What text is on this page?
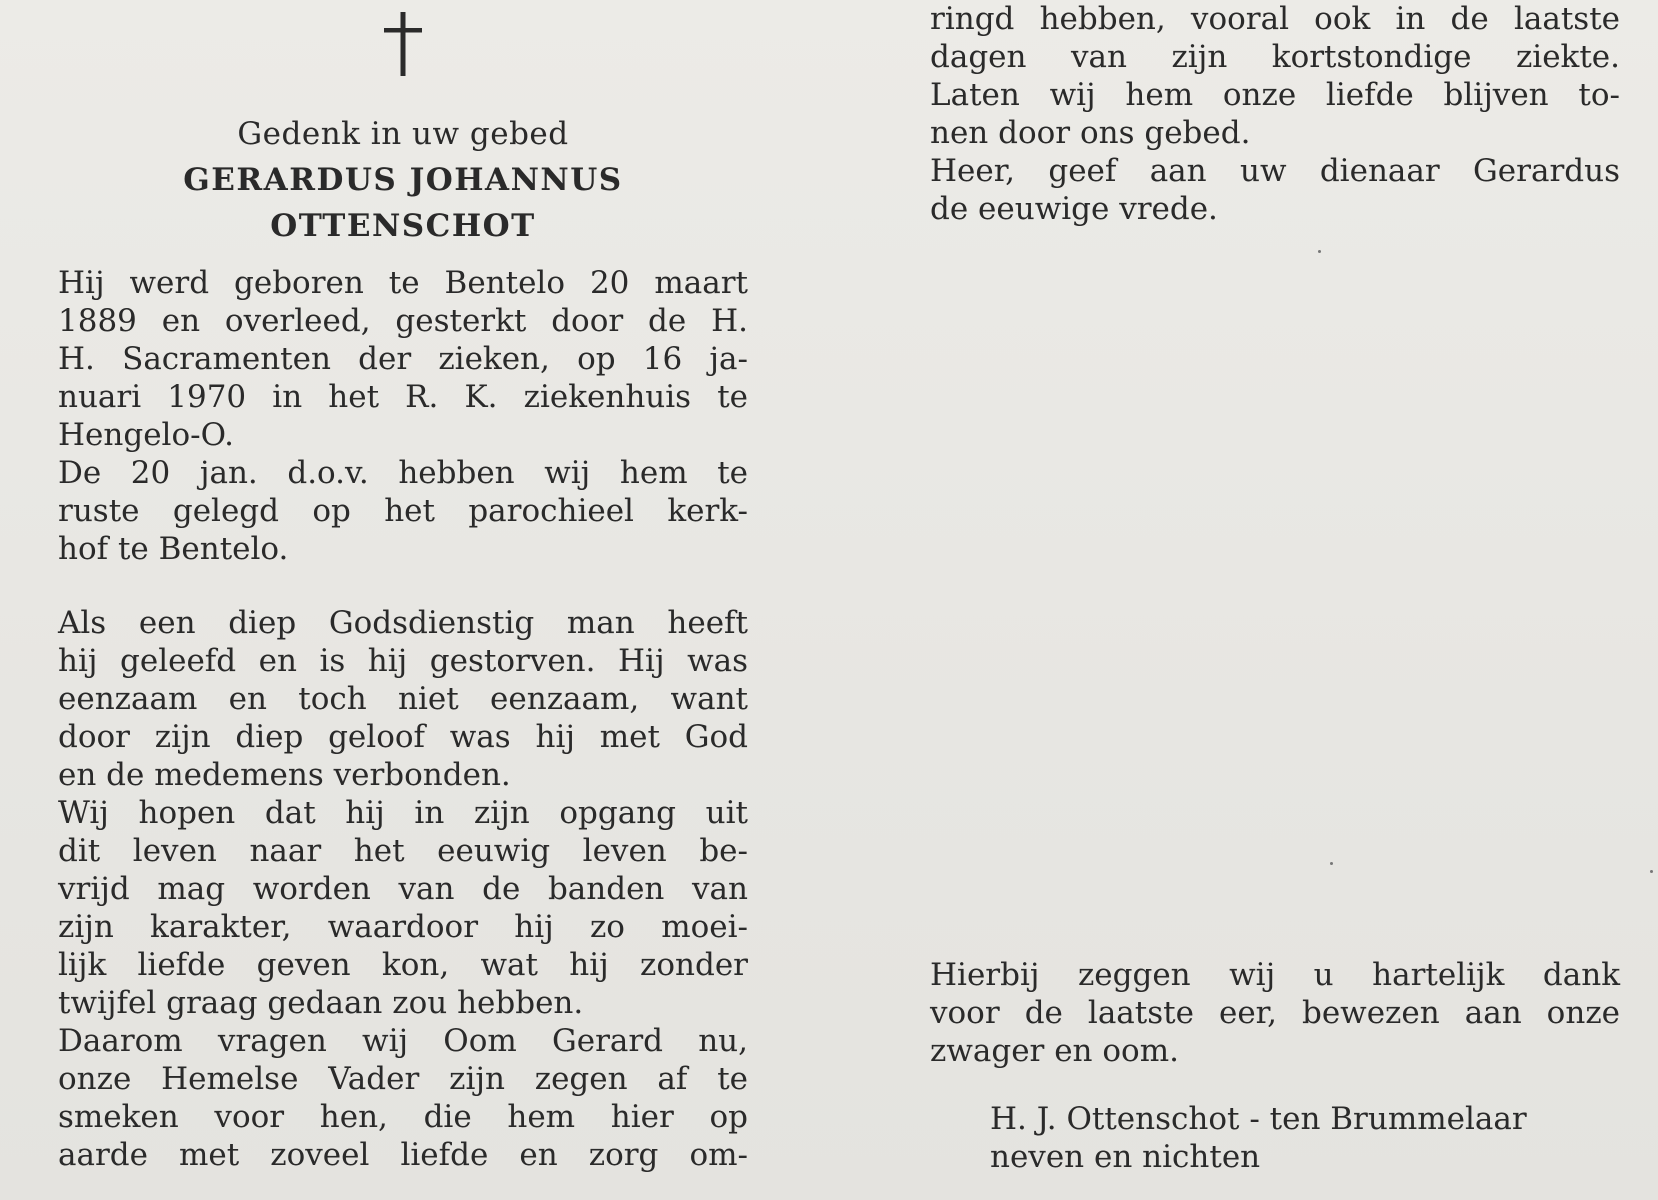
Gedenk in uw gebed
GERARDUS JOHANNUS
OTTENSCHOT
Hij werd geboren te Bentelo 20 maart
1889 en overleed, gesterkt door de H.
H. Sacramenten der zieken, op 16 ja-
nuari 1970 in het R. K. ziekenhuis te
Hengelo-O.
De 20 jan. d.o.v. hebben wij hem te
ruste gelegd op het parochieel kerk-
hof te Bentelo.
Als een diep Godsdienstig man heeft
hij geleefd en is hij gestorven. Hij was
eenzaam en toch niet eenzaam, want
door zijn diep geloof was hij met God
en de medemens verbonden.
Wij hopen dat hij in zijn opgang uit
dit leven naar het eeuwig leven be-
vrijd mag worden van de banden van
zijn karakter, waardoor hij zo moei-
lijk liefde geven kon, wat hij zonder
twijfel graag gedaan zou hebben.
Daarom vragen wij Oom Gerard nu,
onze Hemelse Vader zijn zegen af te
smeken voor hen, die hem hier op
aarde met zoveel liefde en zorg om-
ringd hebben, vooral ook in de laatste
dagen van zijn kortstondige ziekte.
Laten wij hem onze liefde blijven to-
nen door ons gebed.
Heer, geef aan uw dienaar Gerardus
de eeuwige vrede.
Hierbij zeggen wij u hartelijk dank
voor de laatste eer, bewezen aan onze
zwager en oom.
H. J. Ottenschot - ten Brummelaar
neven en nichten
